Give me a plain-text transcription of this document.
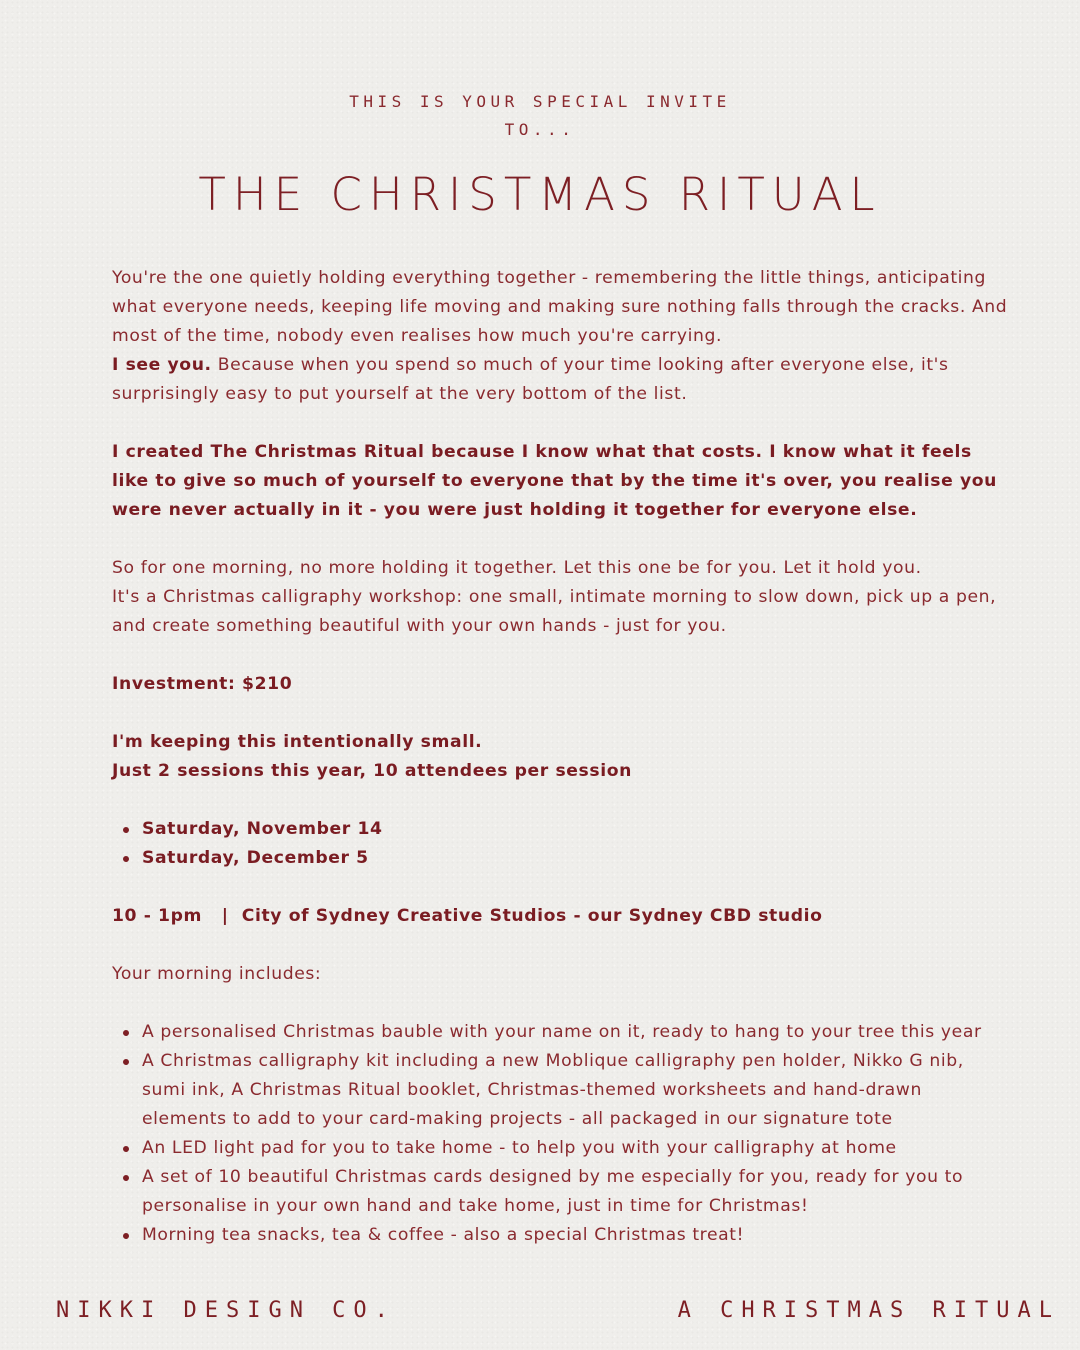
THIS IS YOUR SPECIAL INVITE
TO...
THE CHRISTMAS RITUAL

You're the one quietly holding everything together - remembering the little things, anticipating what everyone needs, keeping life moving and making sure nothing falls through the cracks. And most of the time, nobody even realises how much you're carrying.

I see you. Because when you spend so much of your time looking after everyone else, it's surprisingly easy to put yourself at the very bottom of the list.

I created The Christmas Ritual because I know what that costs. I know what it feels like to give so much of yourself to everyone that by the time it's over, you realise you were never actually in it - you were just holding it together for everyone else.

So for one morning, no more holding it together. Let this one be for you. Let it hold you.

It's a Christmas calligraphy workshop: one small, intimate morning to slow down, pick up a pen, and create something beautiful with your own hands - just for you.

Investment: $210

I'm keeping this intentionally small.

Just 2 sessions this year, 10 attendees per session

Saturday, November 14
Saturday, December 5

10 - 1pm   |  City of Sydney Creative Studios - our Sydney CBD studio

Your morning includes:

A personalised Christmas bauble with your name on it, ready to hang to your tree this year
A Christmas calligraphy kit including a new Moblique calligraphy pen holder, Nikko G nib, sumi ink, A Christmas Ritual booklet, Christmas-themed worksheets and hand-drawn elements to add to your card-making projects - all packaged in our signature tote
An LED light pad for you to take home - to help you with your calligraphy at home
A set of 10 beautiful Christmas cards designed by me especially for you, ready for you to personalise in your own hand and take home, just in time for Christmas!
Morning tea snacks, tea & coffee - also a special Christmas treat!
NIKKI DESIGN CO.	A CHRISTMAS RITUAL
